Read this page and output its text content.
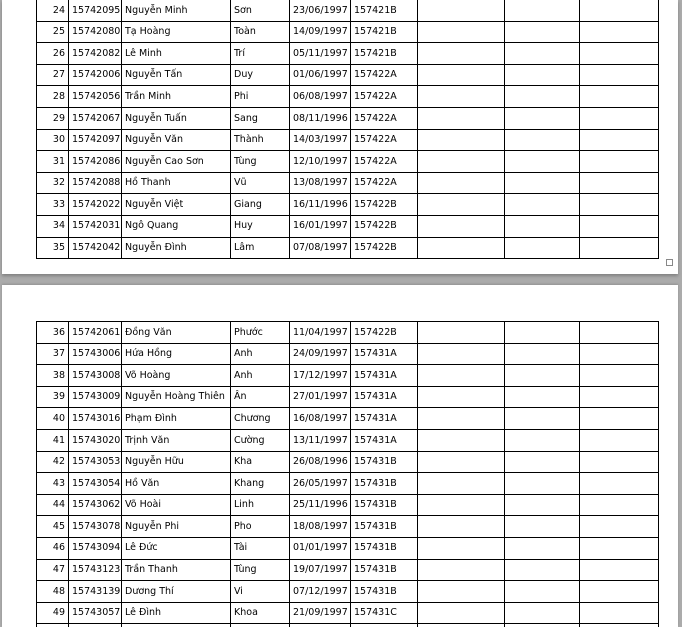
24	15742095	Nguyễn Minh	Sơn	23/06/1997	157421B			
25	15742080	Tạ Hoàng	Toàn	14/09/1997	157421B			
26	15742082	Lê Minh	Trí	05/11/1997	157421B			
27	15742006	Nguyễn Tấn	Duy	01/06/1997	157422A			
28	15742056	Trần Minh	Phi	06/08/1997	157422A			
29	15742067	Nguyễn Tuấn	Sang	08/11/1996	157422A			
30	15742097	Nguyễn Văn	Thành	14/03/1997	157422A			
31	15742086	Nguyễn Cao Sơn	Tùng	12/10/1997	157422A			
32	15742088	Hồ Thanh	Vũ	13/08/1997	157422A			
33	15742022	Nguyễn Việt	Giang	16/11/1996	157422B			
34	15742031	Ngô Quang	Huy	16/01/1997	157422B			
35	15742042	Nguyễn Đình	Lâm	07/08/1997	157422B			
36	15742061	Đồng Văn	Phước	11/04/1997	157422B			
37	15743006	Hứa Hồng	Anh	24/09/1997	157431A			
38	15743008	Võ Hoàng	Anh	17/12/1997	157431A			
39	15743009	Nguyễn Hoàng Thiên	Ân	27/01/1997	157431A			
40	15743016	Phạm Đình	Chương	16/08/1997	157431A			
41	15743020	Trịnh Văn	Cường	13/11/1997	157431A			
42	15743053	Nguyễn Hữu	Kha	26/08/1996	157431B			
43	15743054	Hồ Văn	Khang	26/05/1997	157431B			
44	15743062	Võ Hoài	Linh	25/11/1996	157431B			
45	15743078	Nguyễn Phi	Pho	18/08/1997	157431B			
46	15743094	Lê Đức	Tài	01/01/1997	157431B			
47	15743123	Trần Thanh	Tùng	19/07/1997	157431B			
48	15743139	Dương Thí	Vi	07/12/1997	157431B			
49	15743057	Lê Đình	Khoa	21/09/1997	157431C			
